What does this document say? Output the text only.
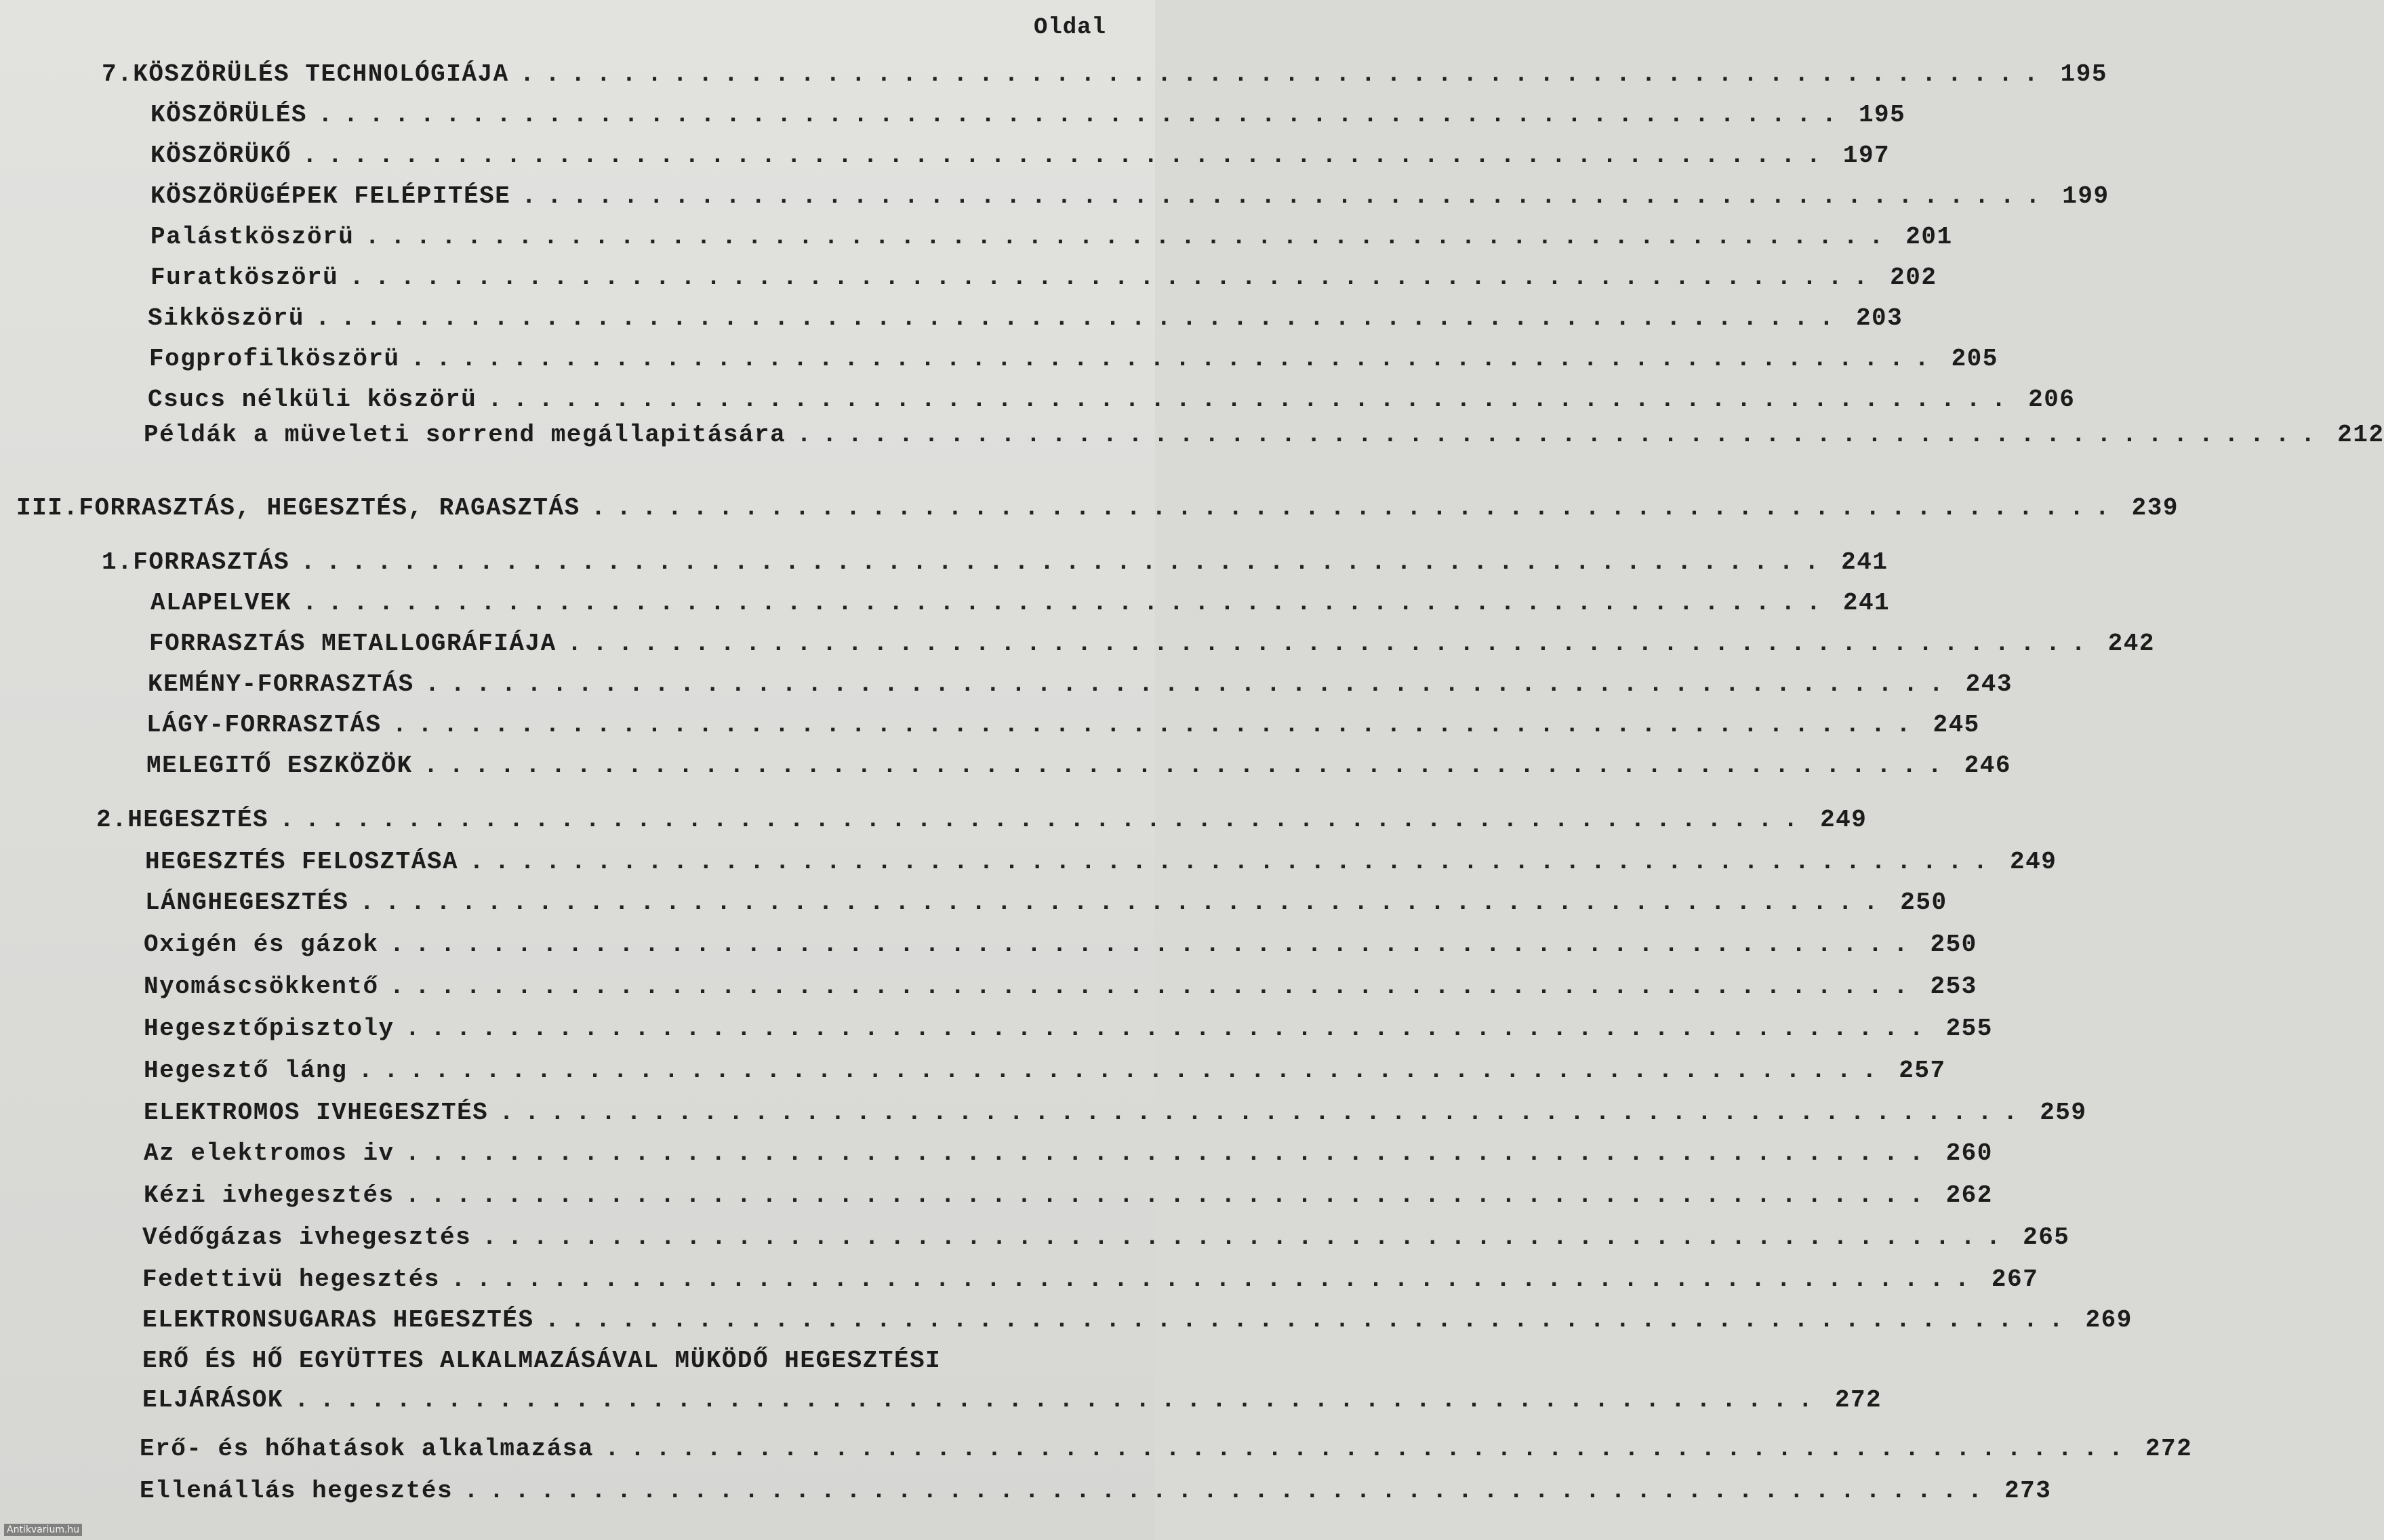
Oldal
7. KÖSZÖRÜLÉS TECHNOLÓGIÁJA ............................................................ 195
KÖSZÖRÜLÉS ............................................................ 195
KÖSZÖRÜKŐ ............................................................ 197
KÖSZÖRÜGÉPEK FELÉPITÉSE ............................................................ 199
Palástköszörü ............................................................ 201
Furatköszörü ............................................................ 202
Sikköszörü ............................................................ 203
Fogprofilköszörü ............................................................ 205
Csucs nélküli köszörü ............................................................ 206
Példák a müveleti sorrend megállapitására ............................................................ 212
III. FORRASZTÁS, HEGESZTÉS, RAGASZTÁS ............................................................ 239
1. FORRASZTÁS ............................................................ 241
ALAPELVEK ............................................................ 241
FORRASZTÁS METALLOGRÁFIÁJA ............................................................ 242
KEMÉNY-FORRASZTÁS ............................................................ 243
LÁGY-FORRASZTÁS ............................................................ 245
MELEGITŐ ESZKÖZÖK ............................................................ 246
2. HEGESZTÉS ............................................................ 249
HEGESZTÉS FELOSZTÁSA ............................................................ 249
LÁNGHEGESZTÉS ............................................................ 250
Oxigén és gázok ............................................................ 250
Nyomáscsökkentő ............................................................ 253
Hegesztőpisztoly ............................................................ 255
Hegesztő láng ............................................................ 257
ELEKTROMOS IVHEGESZTÉS ............................................................ 259
Az elektromos iv ............................................................ 260
Kézi ivhegesztés ............................................................ 262
Védőgázas ivhegesztés ............................................................ 265
Fedettivü hegesztés ............................................................ 267
ELEKTRONSUGARAS HEGESZTÉS ............................................................ 269
ERŐ ÉS HŐ EGYÜTTES ALKALMAZÁSÁVAL MÜKÖDŐ HEGESZTÉSI
ELJÁRÁSOK ............................................................ 272
Erő- és hőhatások alkalmazása ............................................................ 272
Ellenállás hegesztés ............................................................ 273
Antikvarium.hu
